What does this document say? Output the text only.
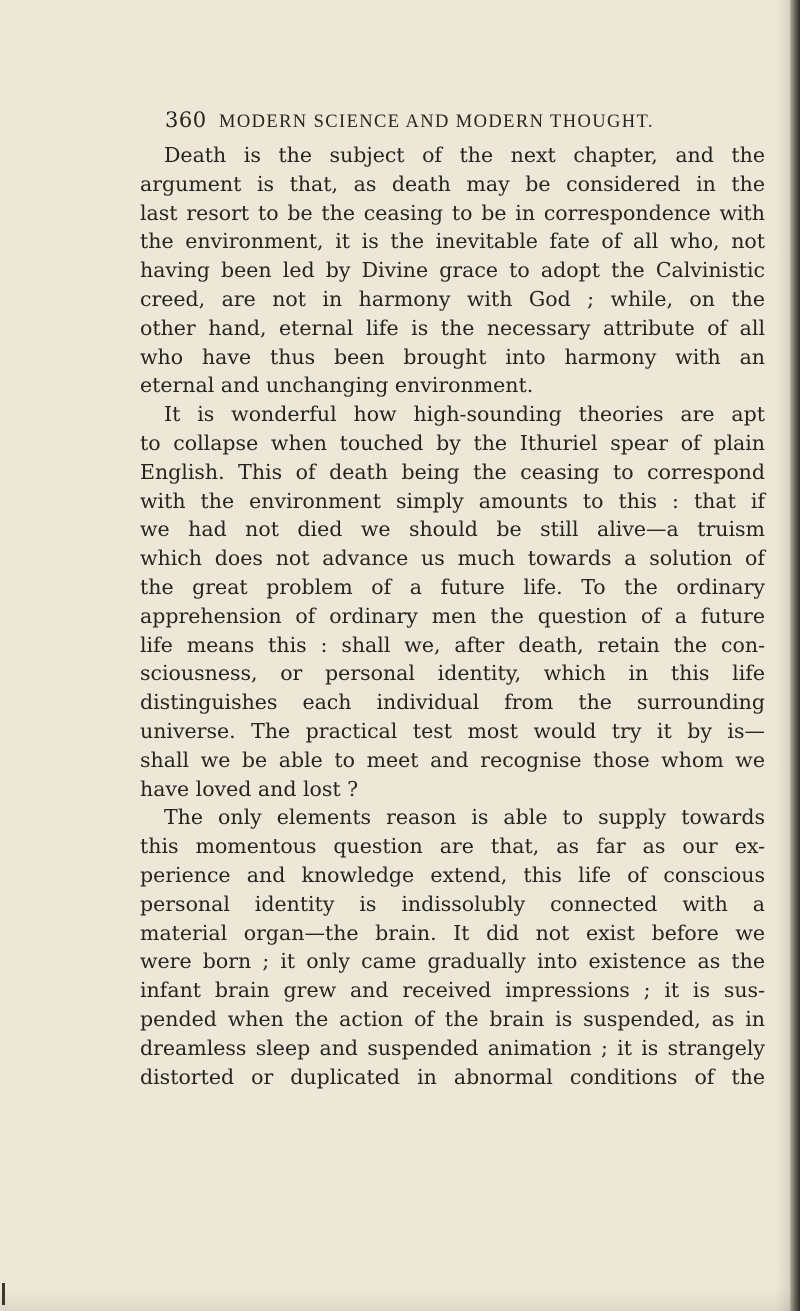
360 MODERN SCIENCE AND MODERN THOUGHT.
Death is the subject of the next chapter, and the
argument is that, as death may be considered in the
last resort to be the ceasing to be in correspondence with
the environment, it is the inevitable fate of all who, not
having been led by Divine grace to adopt the Calvinistic
creed, are not in harmony with God ; while, on the
other hand, eternal life is the necessary attribute of all
who have thus been brought into harmony with an
eternal and unchanging environment.
It is wonderful how high-sounding theories are apt
to collapse when touched by the Ithuriel spear of plain
English. This of death being the ceasing to correspond
with the environment simply amounts to this : that if
we had not died we should be still alive—a truism
which does not advance us much towards a solution of
the great problem of a future life. To the ordinary
apprehension of ordinary men the question of a future
life means this : shall we, after death, retain the con-
sciousness, or personal identity, which in this life
distinguishes each individual from the surrounding
universe. The practical test most would try it by is—
shall we be able to meet and recognise those whom we
have loved and lost ?
The only elements reason is able to supply towards
this momentous question are that, as far as our ex-
perience and knowledge extend, this life of conscious
personal identity is indissolubly connected with a
material organ—the brain. It did not exist before we
were born ; it only came gradually into existence as the
infant brain grew and received impressions ; it is sus-
pended when the action of the brain is suspended, as in
dreamless sleep and suspended animation ; it is strangely
distorted or duplicated in abnormal conditions of the
